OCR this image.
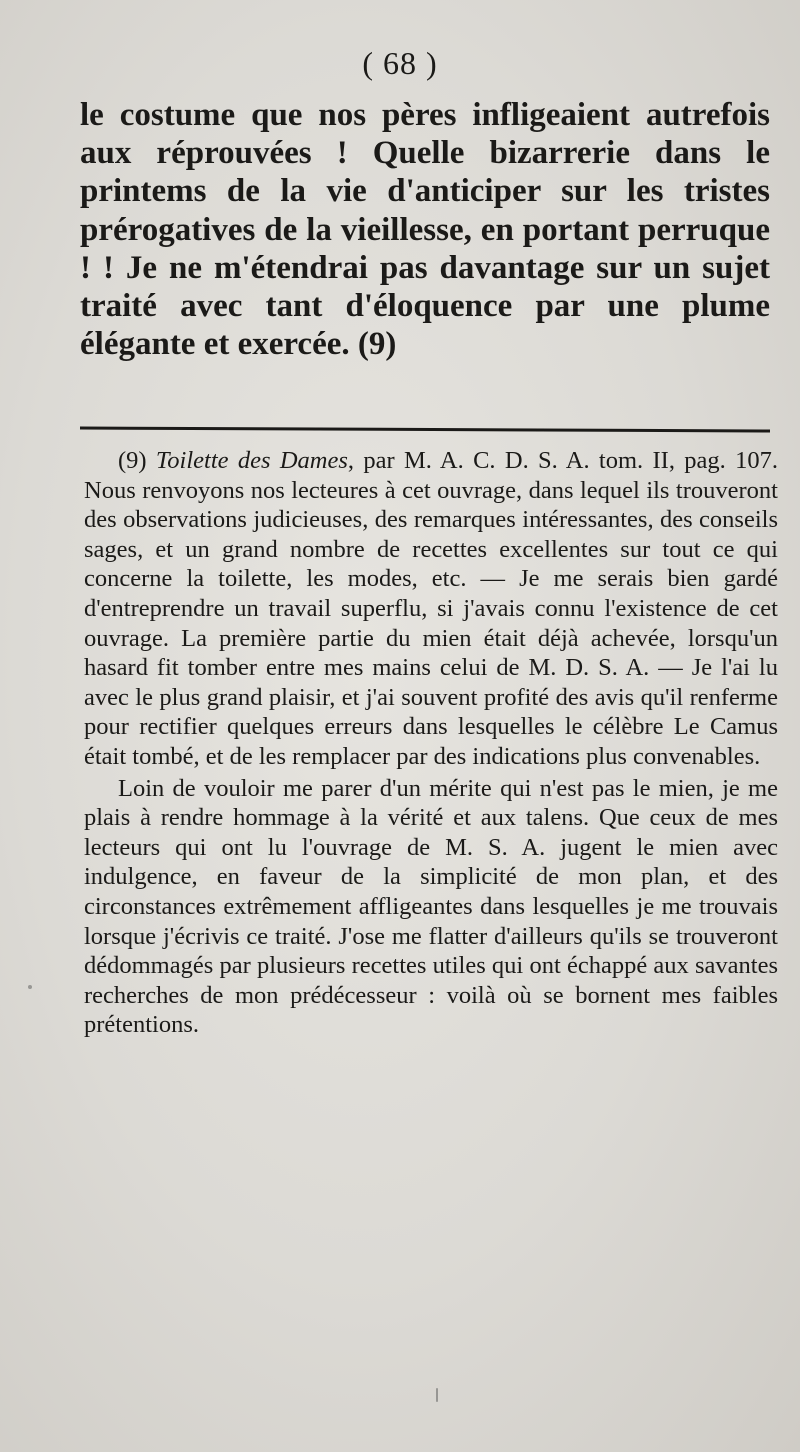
( 68 )

le costume que nos pères infligeaient autrefois aux réprouvées ! Quelle bizarrerie dans le printems de la vie d'anticiper sur les tristes prérogatives de la vieillesse, en portant perruque ! ! Je ne m'étendrai pas davantage sur un sujet traité avec tant d'éloquence par une plume élégante et exercée. (9)

(9) Toilette des Dames, par M. A. C. D. S. A. tom. II, pag. 107. Nous renvoyons nos lecteures à cet ouvrage, dans lequel ils trouveront des observations judicieuses, des remarques intéressantes, des conseils sages, et un grand nombre de recettes excellentes sur tout ce qui concerne la toilette, les modes, etc. — Je me serais bien gardé d'entreprendre un travail superflu, si j'avais connu l'existence de cet ouvrage. La première partie du mien était déjà achevée, lorsqu'un hasard fit tomber entre mes mains celui de M. D. S. A. — Je l'ai lu avec le plus grand plaisir, et j'ai souvent profité des avis qu'il renferme pour rectifier quelques erreurs dans lesquelles le célèbre Le Camus était tombé, et de les remplacer par des indications plus convenables.

Loin de vouloir me parer d'un mérite qui n'est pas le mien, je me plais à rendre hommage à la vérité et aux talens. Que ceux de mes lecteurs qui ont lu l'ouvrage de M. S. A. jugent le mien avec indulgence, en faveur de la simplicité de mon plan, et des circonstances extrêmement affligeantes dans lesquelles je me trouvais lorsque j'écrivis ce traité. J'ose me flatter d'ailleurs qu'ils se trouveront dédommagés par plusieurs recettes utiles qui ont échappé aux savantes recherches de mon prédécesseur : voilà où se bornent mes faibles prétentions.
